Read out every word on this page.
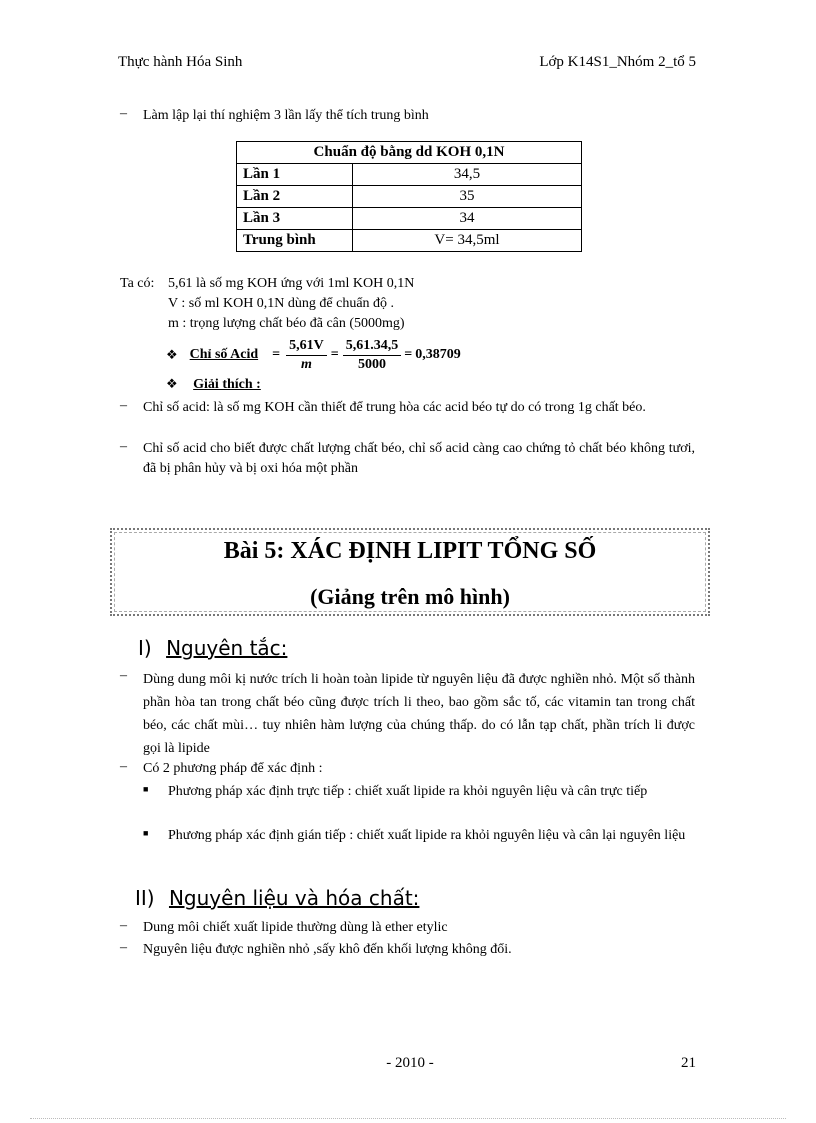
Thực hành Hóa Sinh	Lớp K14S1_Nhóm 2_tổ 5
– Làm lập lại thí nghiệm 3 lần lấy thể tích trung bình
Chuẩn độ bằng dd KOH 0,1N	
Lần 1	34,5
Lần 2	35
Lần 3	34
Trung bình	V= 34,5ml
Ta có: 5,61 là số mg KOH ứng với 1ml KOH 0,1N
V : số ml KOH 0,1N dùng để chuẩn độ .
m : trọng lượng chất béo đã cân (5000mg)
❖ Chỉ số Acid = $\frac{5,61V}{m} = \frac{5,61.34,5}{5000} = 0,38709$
❖ Giải thích :
– Chỉ số acid: là số mg KOH cần thiết để trung hòa các acid béo tự do có trong 1g chất béo.
– Chỉ số acid cho biết được chất lượng chất béo, chỉ số acid càng cao chứng tỏ chất béo không tươi, đã bị phân hủy và bị oxi hóa một phần
Bài 5: XÁC ĐỊNH LIPIT TỔNG SỐ
(Giảng trên mô hình)
I) Nguyên tắc:
– Dùng dung môi kị nước trích li hoàn toàn lipide từ nguyên liệu đã được nghiền nhỏ. Một số thành phần hòa tan trong chất béo cũng được trích li theo, bao gồm sắc tố, các vitamin tan trong chất béo, các chất mùi… tuy nhiên hàm lượng của chúng thấp. do có lẫn tạp chất, phần trích li được gọi là lipide
– Có 2 phương pháp để xác định :
■ Phương pháp xác định trực tiếp : chiết xuất lipide ra khỏi nguyên liệu và cân trực tiếp
■ Phương pháp xác định gián tiếp : chiết xuất lipide ra khỏi nguyên liệu và cân lại nguyên liệu
II) Nguyên liệu và hóa chất:
– Dung môi chiết xuất lipide thường dùng là ether etylic
– Nguyên liệu được nghiền nhỏ ,sấy khô đến khối lượng không đổi.
- 2010 -	21
